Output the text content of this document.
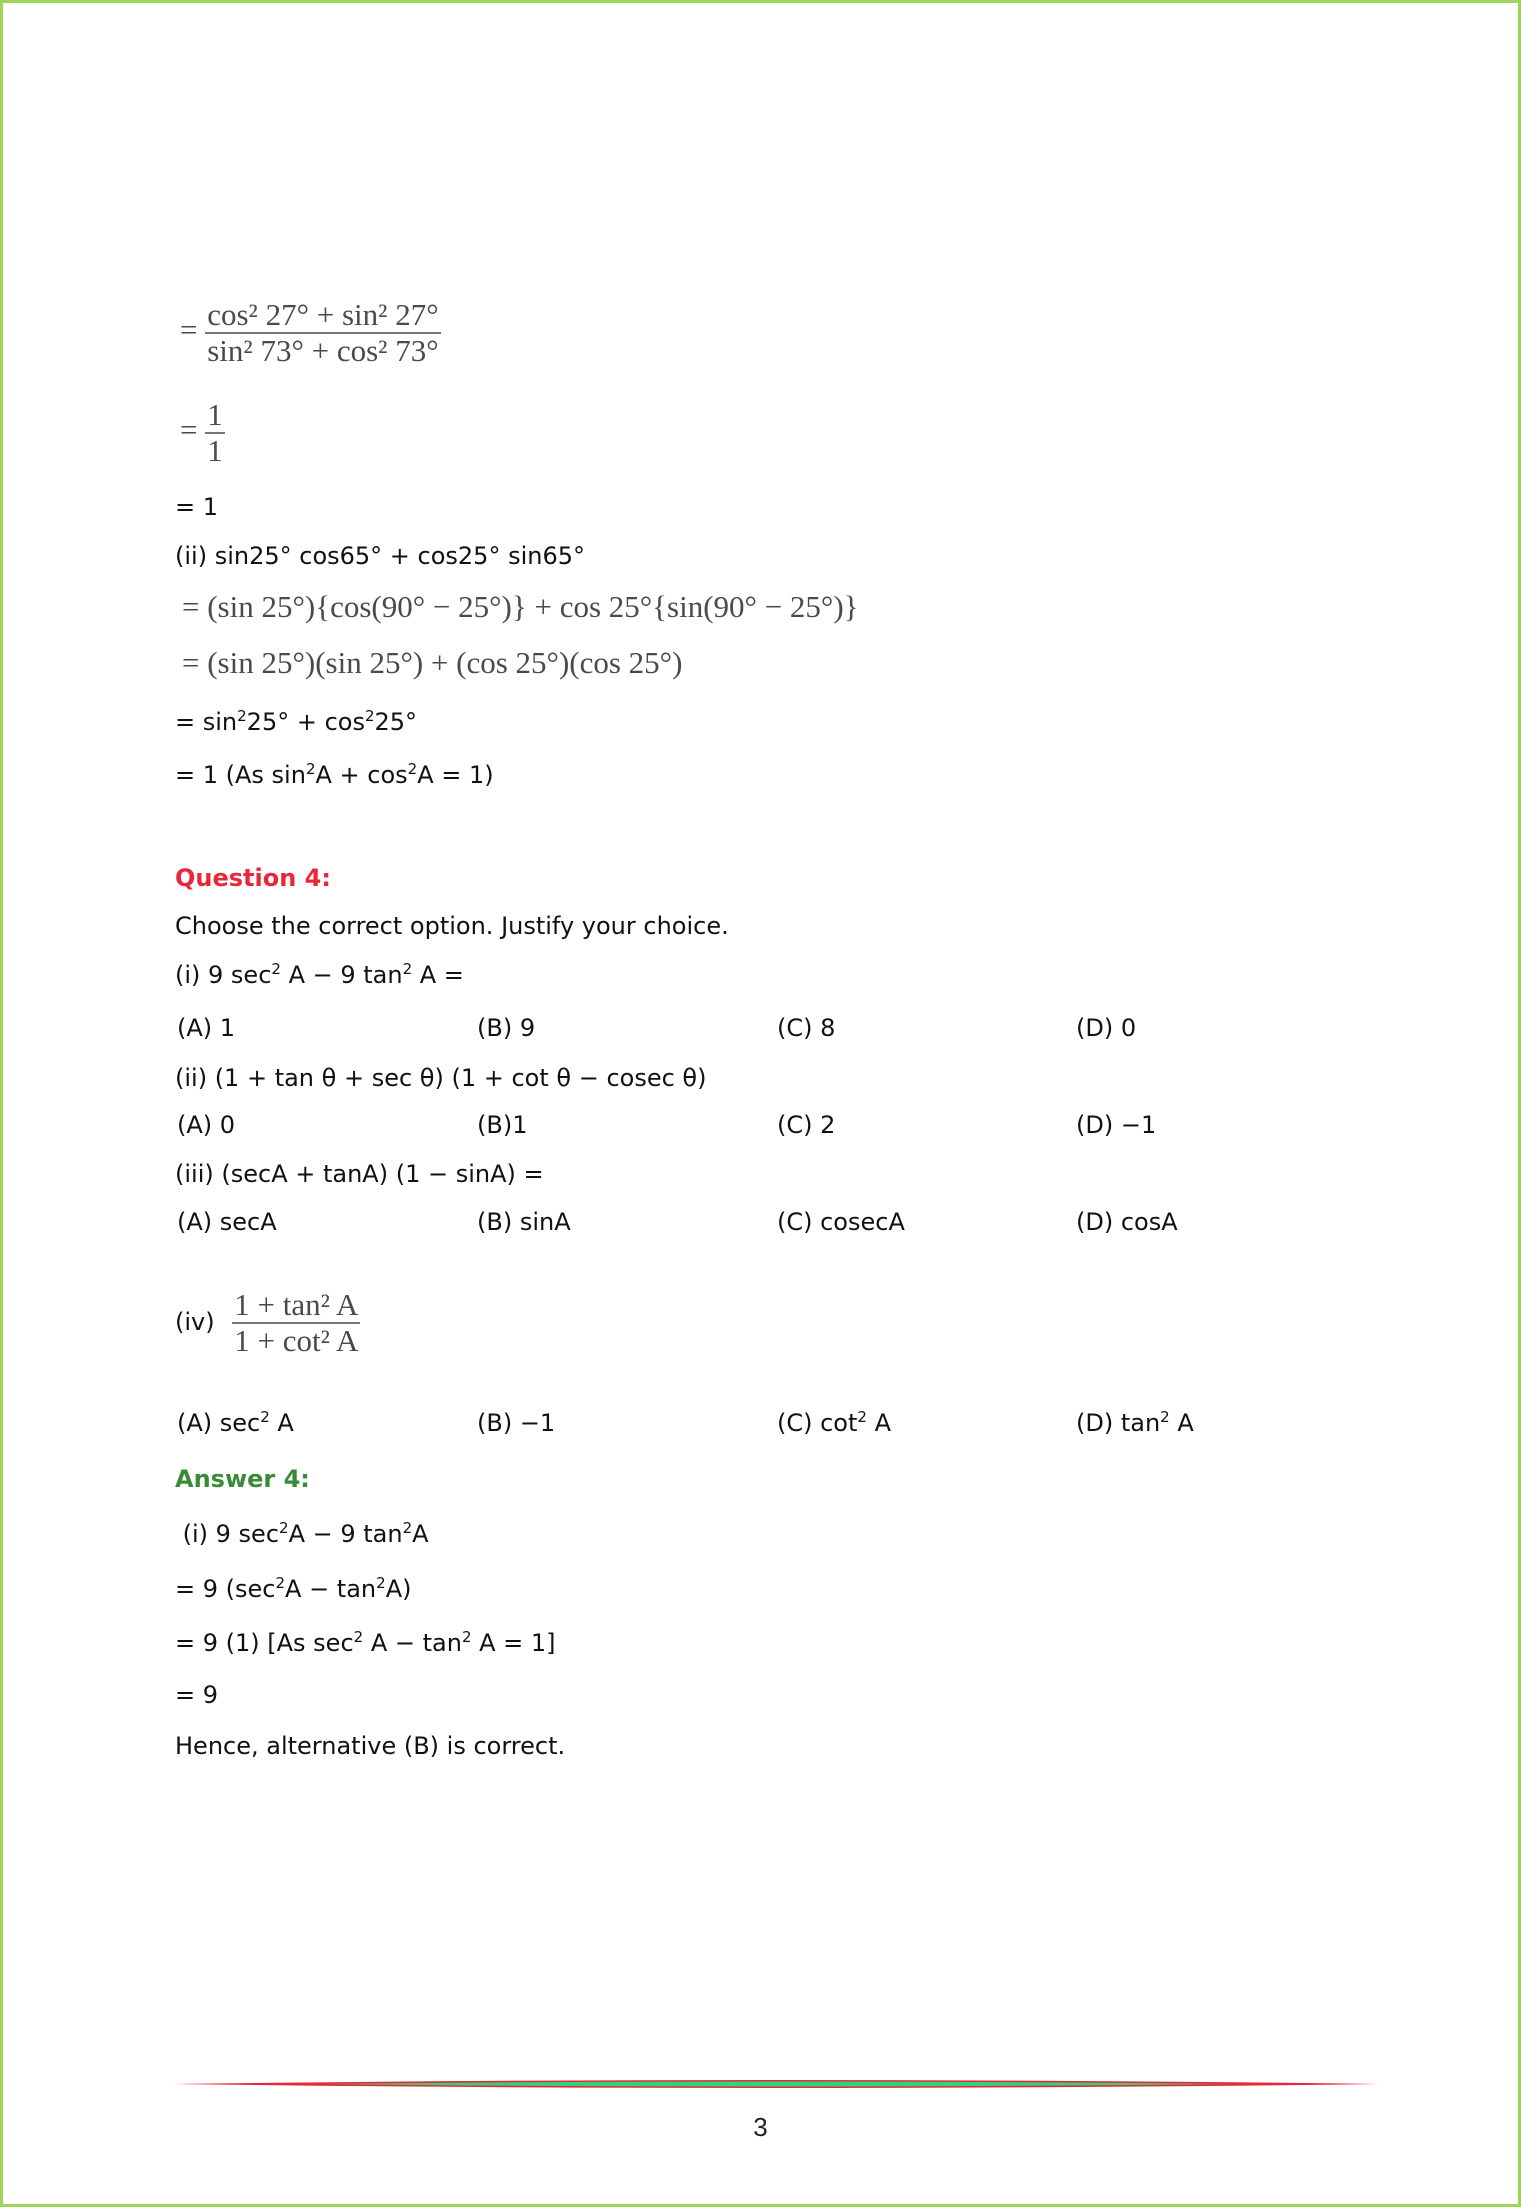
= $\frac{\text{cos² 27° + sin² 27°}}{\text{sin² 73° + cos² 73°}}$
= $\frac{1}{1}$
= 1
(ii) sin25° cos65° + cos25° sin65°
= (sin 25°){cos(90° − 25°)} + cos 25°{sin(90° − 25°)}
= (sin 25°)(sin 25°) + (cos 25°)(cos 25°)
= $\sin^225^\circ + \cos^225^\circ$
= 1 (As $\sin^2A + \cos^2A = 1$)
Question 4:
Choose the correct option. Justify your choice.
(i) 9 $\sec^2 A - 9$ $\tan^2 A$ =
(A) 1	(B) 9	(C) 8	(D) 0
(ii) (1 + tan θ + sec θ) (1 + cot θ − cosec θ)
(A) 0	(B)1	(C) 2	(D) −1
(iii) (secA + tanA) (1 − sinA) =
(A) secA	(B) sinA	(C) cosecA	(D) cosA
$(iv) \frac{\text{1 + tan² A}}{\text{1 + cot² A}}$
(A) $\sec^2 A$	(B) −1	(C) $\cot^2 A$	(D) $\tan^2 A$
Answer 4:
(i) 9 $\sec^2A - 9$ $\tan^2A$
= 9 $(\sec^2A - \tan^2A)$
= 9 (1) [As $\sec^2 A - \tan^2 A = 1$]
= 9
Hence, alternative (B) is correct.
3
